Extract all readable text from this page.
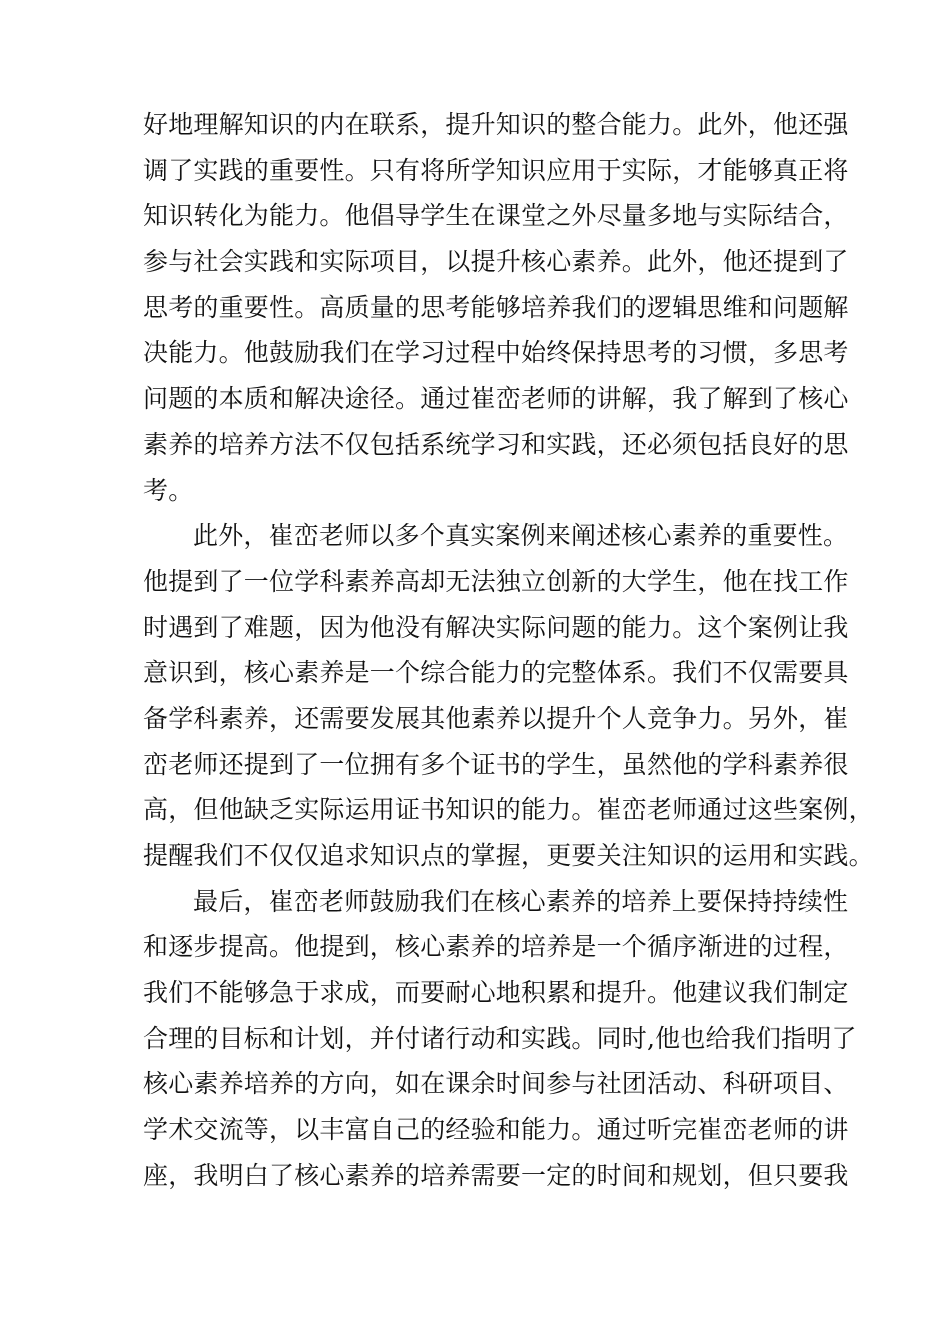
好地理解知识的内在联系，提升知识的整合能力。此外，他还强
调了实践的重要性。只有将所学知识应用于实际，才能够真正将
知识转化为能力。他倡导学生在课堂之外尽量多地与实际结合，
参与社会实践和实际项目，以提升核心素养。此外，他还提到了
思考的重要性。高质量的思考能够培养我们的逻辑思维和问题解
决能力。他鼓励我们在学习过程中始终保持思考的习惯，多思考
问题的本质和解决途径。通过崔峦老师的讲解，我了解到了核心
素养的培养方法不仅包括系统学习和实践，还必须包括良好的思
考。
此外，崔峦老师以多个真实案例来阐述核心素养的重要性。
他提到了一位学科素养高却无法独立创新的大学生，他在找工作
时遇到了难题，因为他没有解决实际问题的能力。这个案例让我
意识到，核心素养是一个综合能力的完整体系。我们不仅需要具
备学科素养，还需要发展其他素养以提升个人竞争力。另外，崔
峦老师还提到了一位拥有多个证书的学生，虽然他的学科素养很
高，但他缺乏实际运用证书知识的能力。崔峦老师通过这些案例，
提醒我们不仅仅追求知识点的掌握，更要关注知识的运用和实践。
最后，崔峦老师鼓励我们在核心素养的培养上要保持持续性
和逐步提高。他提到，核心素养的培养是一个循序渐进的过程，
我们不能够急于求成，而要耐心地积累和提升。他建议我们制定
合理的目标和计划，并付诸行动和实践。同时,他也给我们指明了
核心素养培养的方向，如在课余时间参与社团活动、科研项目、
学术交流等，以丰富自己的经验和能力。通过听完崔峦老师的讲
座，我明白了核心素养的培养需要一定的时间和规划，但只要我
